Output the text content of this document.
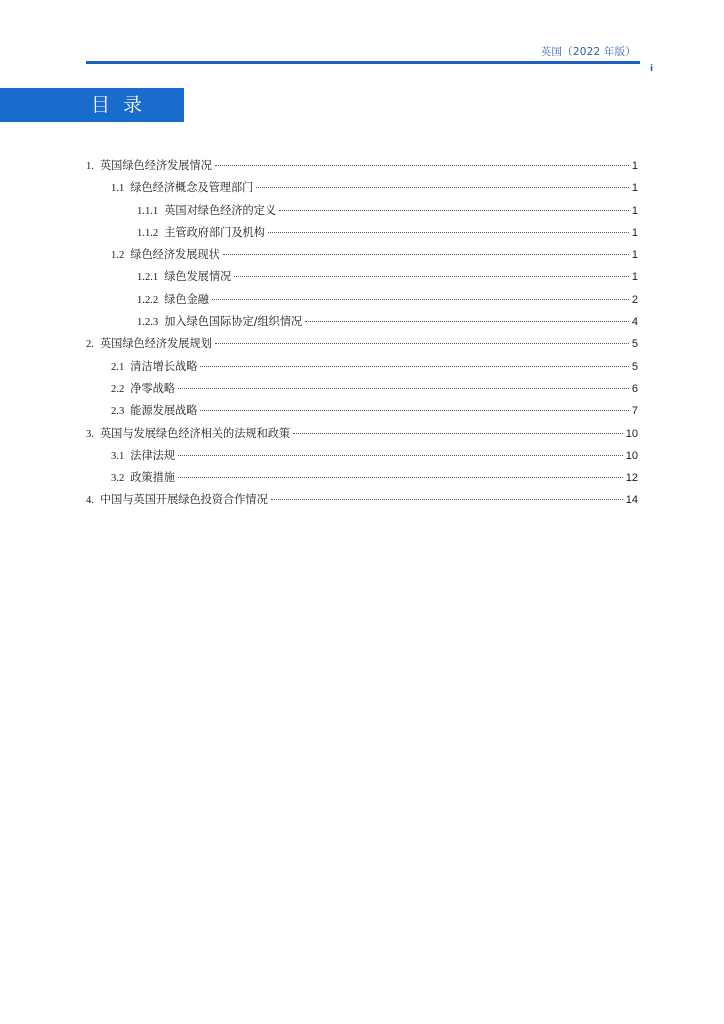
英国（2022 年版）
i
目录
1. 英国绿色经济发展情况	1
1.1 绿色经济概念及管理部门	1
1.1.1 英国对绿色经济的定义	1
1.1.2 主管政府部门及机构	1
1.2 绿色经济发展现状	1
1.2.1 绿色发展情况	1
1.2.2 绿色金融	2
1.2.3 加入绿色国际协定/组织情况	4
2. 英国绿色经济发展规划	5
2.1 清洁增长战略	5
2.2 净零战略	6
2.3 能源发展战略	7
3. 英国与发展绿色经济相关的法规和政策	10
3.1 法律法规	10
3.2 政策措施	12
4. 中国与英国开展绿色投资合作情况	14
